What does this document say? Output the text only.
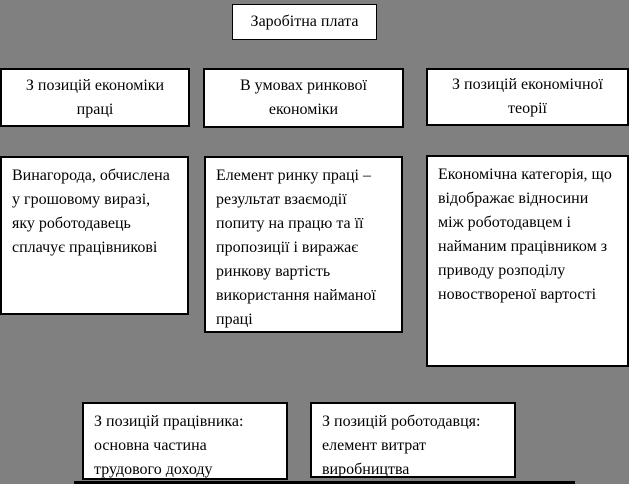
Заробітна плата
З позицій економіки праці
В умовах ринкової економіки
З позицій економічної теорії
Винагорода, обчислена у грошовому виразі, яку роботодавець сплачує працівникові
Елемент ринку праці – результат взаємодії попиту на працю та її пропозиції і виражає ринкову вартість використання найманої праці
Економічна категорія, що відображає відносини між роботодавцем і найманим працівником з приводу розподілу новоствореної вартості
З позицій працівника: основна частина трудового доходу
З позицій роботодавця: елемент витрат виробництва
